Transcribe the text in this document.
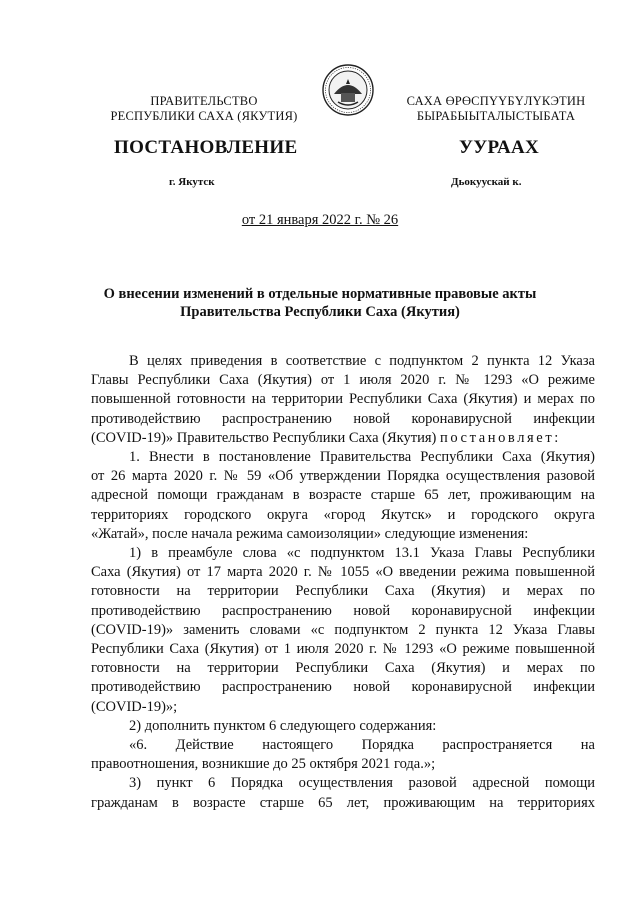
ПРАВИТЕЛЬСТВО
РЕСПУБЛИКИ САХА (ЯКУТИЯ)
САХА ӨРӨСПҮҮБҮЛҮКЭТИН
БЫРАБЫЫТАЛЫСТЫБАТА
ПОСТАНОВЛЕНИЕ	УУРААХ
г. Якутск	Дьокуускай к.
от 21 января 2022 г. № 26
О внесении изменений в отдельные нормативные правовые акты
Правительства Республики Саха (Якутия)

В целях приведения в соответствие с подпунктом 2 пункта 12 Указа

Главы Республики Саха (Якутия) от 1 июля 2020 г. № 1293 «О режиме

повышенной готовности на территории Республики Саха (Якутия) и мерах по

противодействию распространению новой коронавирусной инфекции

(COVID-19)» Правительство Республики Саха (Якутия) постановляет:

1. Внести в постановление Правительства Республики Саха (Якутия)

от 26 марта 2020 г. № 59 «Об утверждении Порядка осуществления разовой

адресной помощи гражданам в возрасте старше 65 лет, проживающим на

территориях городского округа «город Якутск» и городского округа

«Жатай», после начала режима самоизоляции» следующие изменения:

1) в преамбуле слова «с подпунктом 13.1 Указа Главы Республики

Саха (Якутия) от 17 марта 2020 г. № 1055 «О введении режима повышенной

готовности на территории Республики Саха (Якутия) и мерах по

противодействию распространению новой коронавирусной инфекции

(COVID-19)» заменить словами «с подпунктом 2 пункта 12 Указа Главы

Республики Саха (Якутия) от 1 июля 2020 г. № 1293 «О режиме повышенной

готовности на территории Республики Саха (Якутия) и мерах по

противодействию распространению новой коронавирусной инфекции

(COVID-19)»;

2) дополнить пунктом 6 следующего содержания:

«6. Действие настоящего Порядка распространяется на

правоотношения, возникшие до 25 октября 2021 года.»;

3) пункт 6 Порядка осуществления разовой адресной помощи

гражданам в возрасте старше 65 лет, проживающим на территориях
